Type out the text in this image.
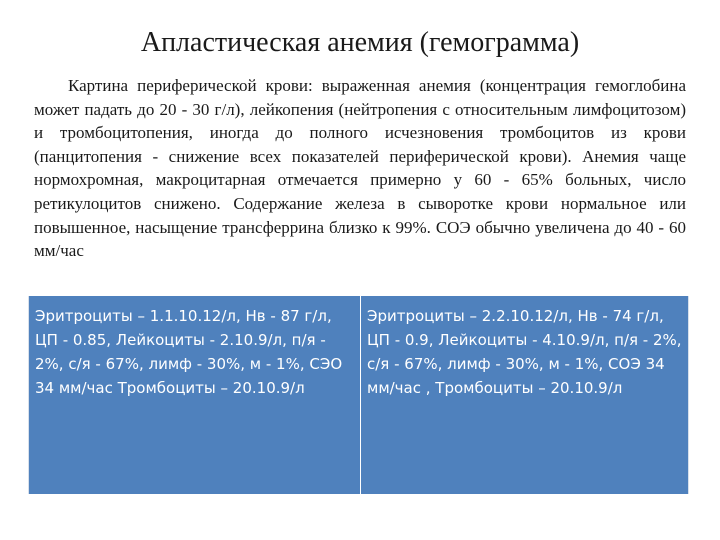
Апластическая анемия (гемограмма)

Картина периферической крови: выраженная анемия (концентрация гемоглобина может падать до 20 - 30 г/л), лейкопения (нейтропения с относительным лимфоцитозом) и тромбоцитопения, иногда до полного исчезновения тромбоцитов из крови (панцитопения - снижение всех показателей периферической крови). Анемия чаще нормохромная, макроцитарная отмечается примерно у 60 - 65% больных, число ретикулоцитов снижено. Содержание железа в сыворотке крови нормальное или повышенное, насыщение трансферрина близко к 99%. СОЭ обычно увеличена до 40 - 60 мм/час

Эритроциты – 1.1.10.12/л, Нв - 87 г/л, ЦП - 0.85, Лейкоциты - 2.10.9/л, п/я - 2%, с/я - 67%, лимф - 30%, м - 1%, СЭО 34 мм/час Тромбоциты – 20.10.9/л
Эритроциты – 2.2.10.12/л, Нв - 74 г/л, ЦП - 0.9, Лейкоциты - 4.10.9/л, п/я - 2%, с/я - 67%, лимф - 30%, м - 1%, СОЭ 34 мм/час , Тромбоциты – 20.10.9/л
